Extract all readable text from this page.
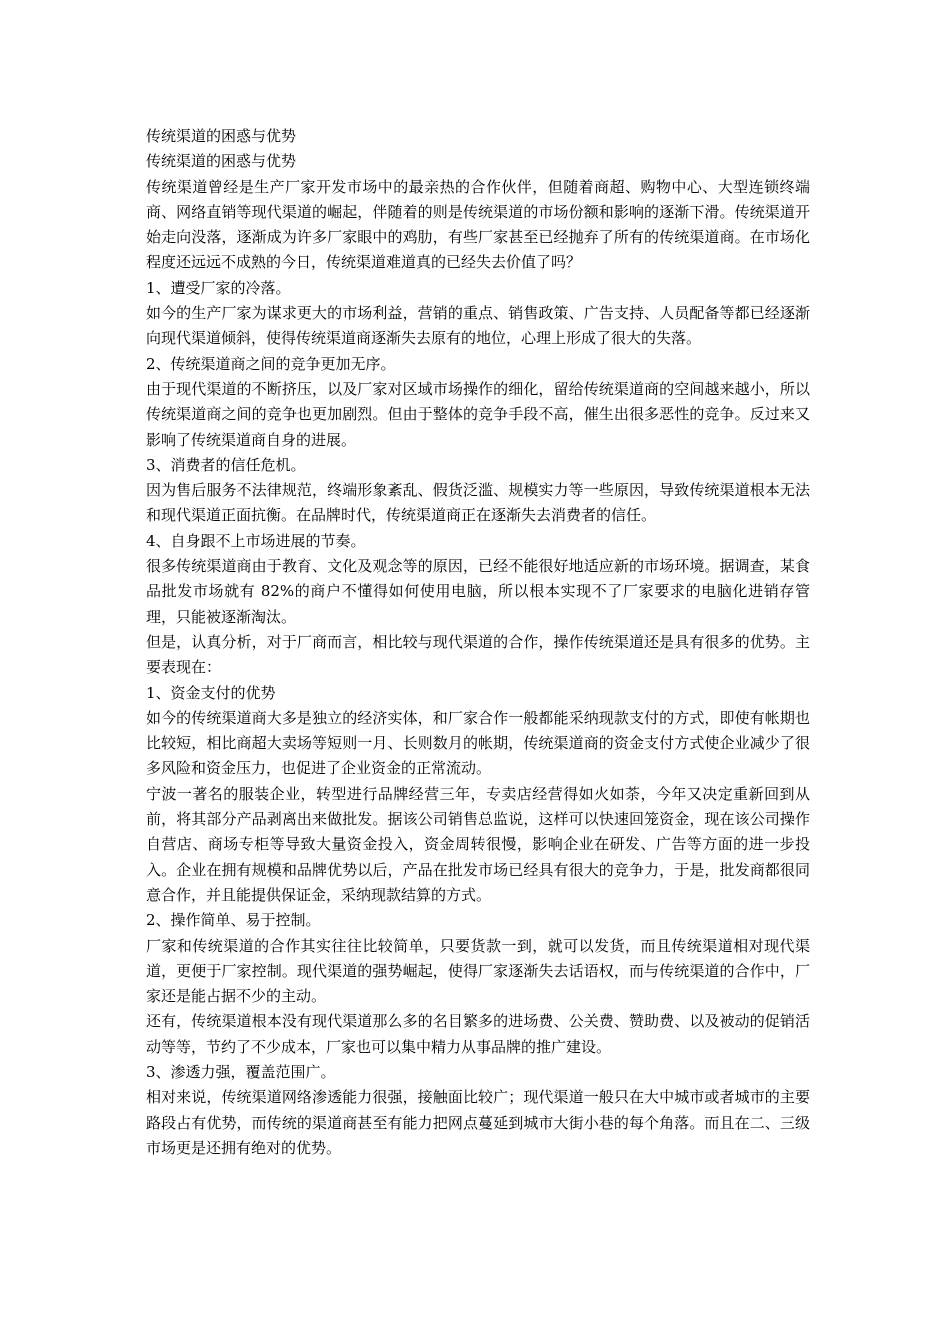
传统渠道的困惑与优势

传统渠道的困惑与优势

传统渠道曾经是生产厂家开发市场中的最亲热的合作伙伴，但随着商超、购物中心、大型连锁终端商、网络直销等现代渠道的崛起，伴随着的则是传统渠道的市场份额和影响的逐渐下滑。传统渠道开始走向没落，逐渐成为许多厂家眼中的鸡肋，有些厂家甚至已经抛弃了所有的传统渠道商。在市场化程度还远远不成熟的今日，传统渠道难道真的已经失去价值了吗？

1、遭受厂家的冷落。

如今的生产厂家为谋求更大的市场利益，营销的重点、销售政策、广告支持、人员配备等都已经逐渐向现代渠道倾斜，使得传统渠道商逐渐失去原有的地位，心理上形成了很大的失落。

2、传统渠道商之间的竞争更加无序。

由于现代渠道的不断挤压，以及厂家对区域市场操作的细化，留给传统渠道商的空间越来越小，所以传统渠道商之间的竞争也更加剧烈。但由于整体的竞争手段不高，催生出很多恶性的竞争。反过来又影响了传统渠道商自身的进展。

3、消费者的信任危机。

因为售后服务不法律规范，终端形象紊乱、假货泛滥、规模实力等一些原因，导致传统渠道根本无法和现代渠道正面抗衡。在品牌时代，传统渠道商正在逐渐失去消费者的信任。

4、自身跟不上市场进展的节奏。

很多传统渠道商由于教育、文化及观念等的原因，已经不能很好地适应新的市场环境。据调查，某食品批发市场就有 82%的商户不懂得如何使用电脑，所以根本实现不了厂家要求的电脑化进销存管理，只能被逐渐淘汰。

但是，认真分析，对于厂商而言，相比较与现代渠道的合作，操作传统渠道还是具有很多的优势。主要表现在：

1、资金支付的优势

如今的传统渠道商大多是独立的经济实体，和厂家合作一般都能采纳现款支付的方式，即使有帐期也比较短，相比商超大卖场等短则一月、长则数月的帐期，传统渠道商的资金支付方式使企业减少了很多风险和资金压力，也促进了企业资金的正常流动。

宁波一著名的服装企业，转型进行品牌经营三年，专卖店经营得如火如荼，今年又决定重新回到从前，将其部分产品剥离出来做批发。据该公司销售总监说，这样可以快速回笼资金，现在该公司操作自营店、商场专柜等导致大量资金投入，资金周转很慢，影响企业在研发、广告等方面的进一步投入。企业在拥有规模和品牌优势以后，产品在批发市场已经具有很大的竞争力，于是，批发商都很同意合作，并且能提供保证金，采纳现款结算的方式。

2、操作简单、易于控制。

厂家和传统渠道的合作其实往往比较简单，只要货款一到，就可以发货，而且传统渠道相对现代渠道，更便于厂家控制。现代渠道的强势崛起，使得厂家逐渐失去话语权，而与传统渠道的合作中，厂家还是能占据不少的主动。

还有，传统渠道根本没有现代渠道那么多的名目繁多的进场费、公关费、赞助费、以及被动的促销活动等等，节约了不少成本，厂家也可以集中精力从事品牌的推广建设。

3、渗透力强，覆盖范围广。

相对来说，传统渠道网络渗透能力很强，接触面比较广；现代渠道一般只在大中城市或者城市的主要路段占有优势，而传统的渠道商甚至有能力把网点蔓延到城市大街小巷的每个角落。而且在二、三级市场更是还拥有绝对的优势。
